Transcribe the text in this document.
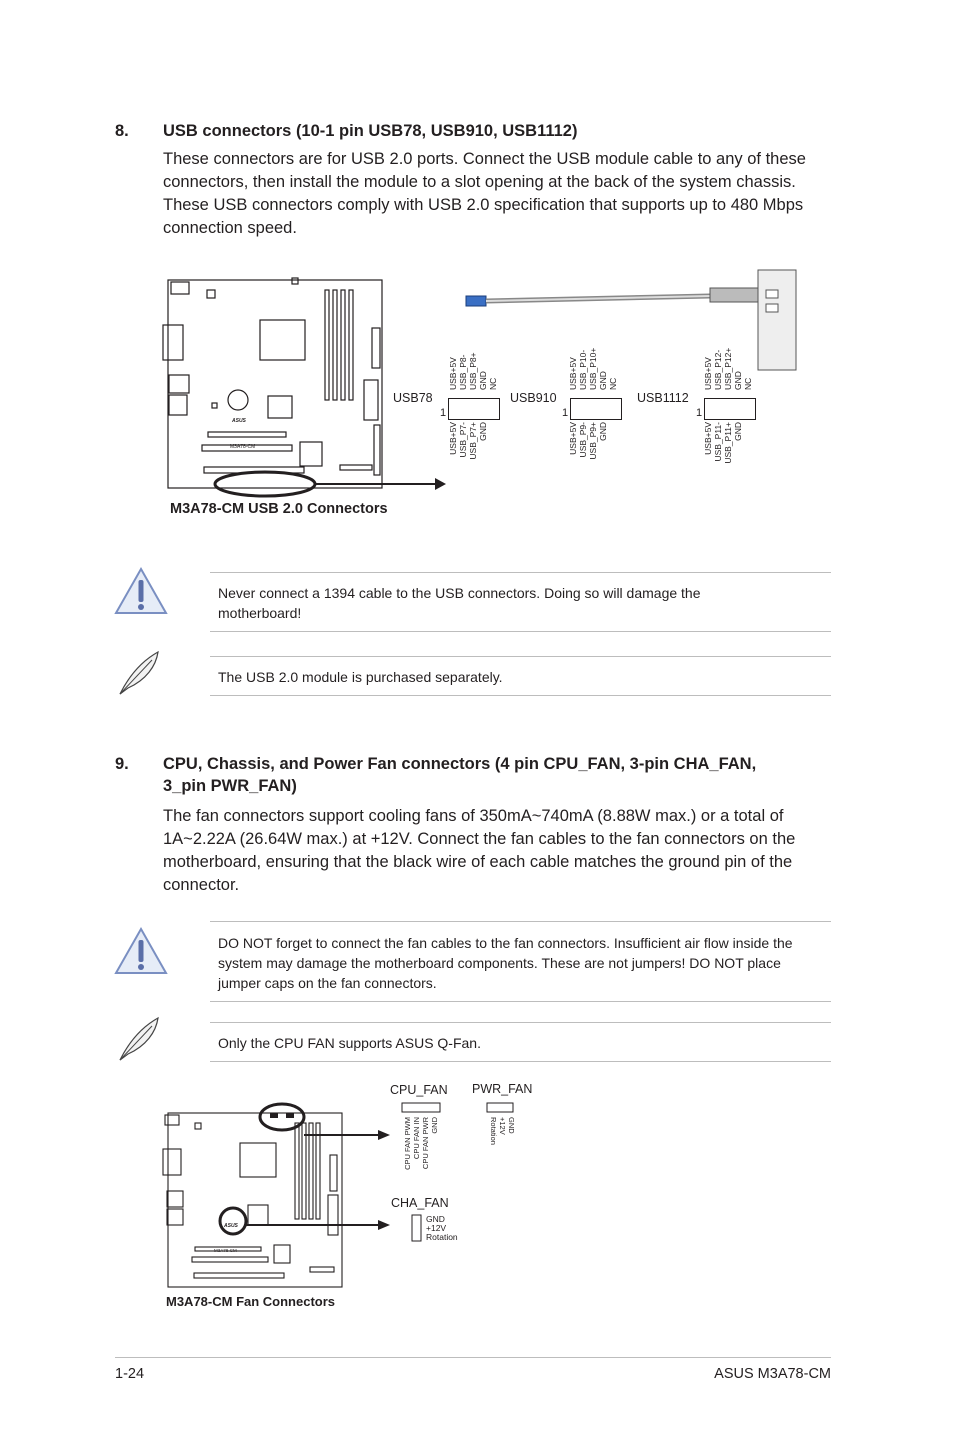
8. USB connectors (10-1 pin USB78, USB910, USB1112)
These connectors are for USB 2.0 ports. Connect the USB module cable to any of these connectors, then install the module to a slot opening at the back of the system chassis. These USB connectors comply with USB 2.0 specification that supports up to 480 Mbps connection speed.
M3A78-CM
ASUS
M3A78-CM USB 2.0 Connectors
USB78
1
USB910
1
USB1112
1
USB+5V USB_P8- USB_P8+ GND NC
USB+5V USB_P7- USB_P7+ GND
USB+5V USB_P10- USB_P10+ GND NC
USB+5V USB_P9- USB_P9+ GND
USB+5V USB_P12- USB_P12+ GND NC
USB+5V USB_P11- USB_P11+ GND
Never connect a 1394 cable to the USB connectors. Doing so will damage the motherboard!
The USB 2.0 module is purchased separately.
9. CPU, Chassis, and Power Fan connectors (4 pin CPU_FAN, 3-pin CHA_FAN, 3_pin PWR_FAN)
The fan connectors support cooling fans of 350mA~740mA (8.88W max.) or a total of 1A~2.22A (26.64W max.) at +12V. Connect the fan cables to the fan connectors on the motherboard, ensuring that the black wire of each cable matches the ground pin of the connector.
DO NOT forget to connect the fan cables to the fan connectors. Insufficient air flow inside the system may damage the motherboard components. These are not jumpers! DO NOT place jumper caps on the fan connectors.
Only the CPU FAN supports ASUS Q-Fan.
M3A78-CM
ASUS
CPU_FAN PWR_FAN
CHA_FAN
M3A78-CM Fan Connectors
CPU FAN PWM CPU FAN IN CPU FAN PWR GND	GND
+12V
Rotation
GND
+12V
Rotation
1-24	ASUS M3A78-CM
